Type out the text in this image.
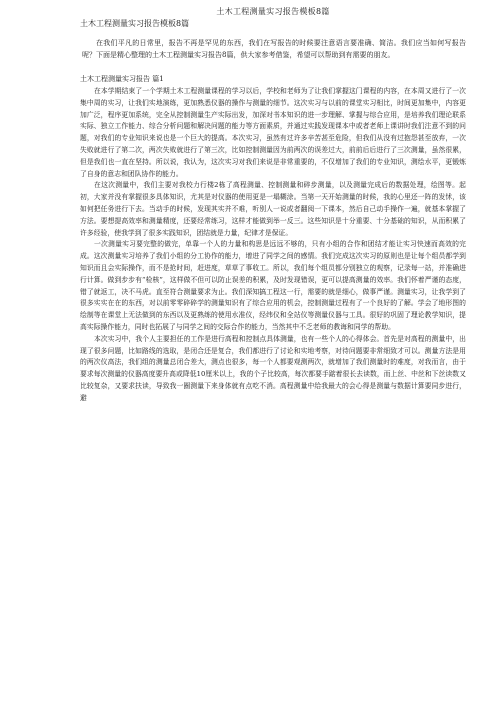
土木工程测量实习报告模板8篇
土木工程测量实习报告模板8篇

在我们平凡的日常里，报告不再是罕见的东西，我们在写报告的时候要注意语言要准确、简洁。我们应当如何写报告呢？下面是精心整理的土木工程测量实习报告8篇，供大家参考借鉴，希望可以帮助到有需要的朋友。

土木工程测量实习报告 篇1

在本学期结束了一个学期土木工程测量课程的学习以后，学校和老师为了让我们掌握这门课程的内容，在本周又进行了一次集中周的实习，让我们实地演练，更加熟悉仪器的操作与测量的细节。这次实习与以前的课堂实习相比，时间更加集中，内容更加广泛，程序更加系统，完全从控制测量生产实际出发，加深对书本知识的进一步理解、掌握与综合应用，是培养我们理论联系实际、独立工作能力、综合分析问题和解决问题的能力等方面素质，并通过实践发现课本中或者老师上课讲时我们注意不到的问题，对我们的专业知识来说也是一个巨大的提高。本次实习，虽然有过许多辛苦甚至危险，但我们从没有过抱怨甚至放弃，一次失败就进行了第二次，两次失败就进行了第三次，比如控制测量因为前两次的误差过大，前前后后进行了三次测量，虽然很累，但是我们也一直在坚持。所以说，我认为，这次实习对我们来说是非常重要的，不仅增加了我们的专业知识，测绘水平，更锻炼了自身的意志和团队协作的能力。

在这次测量中，我们主要对我校力行楼2栋了高程测量、控制测量和碎步测量，以及测量完成后的数据处理，绘图等。起初，大家并没有掌握很多具体知识，尤其是对仪器的使用更是一塌糊涂。当第一天开始测量的时候，我的心里还一阵的发怵，该如何把任务进行下去。当动手的时候，发现其实并不难，听别人一说或者翻阅一下课本，然后自己动手操作一遍，就基本掌握了方法。要想提高效率和测量精度，还要经常练习，这样才能做到举一反三。这些知识是十分重要、十分基础的知识，从而积累了许多经验，使我学到了很多实践知识，团结就是力量，纪律才是保证。

一次测量实习要完整的做完，单靠一个人的力量和构思是远远不够的，只有小组的合作和团结才能让实习快速而高效的完成。这次测量实习培养了我们小组的分工协作的能力，增进了同学之间的感情。我们完成这次实习的原则也是让每个组员都学到知识而且会实际操作，而不是抢时间，赶进度，草草了事收工。所以，我们每个组员都分别独立的观察，记录每一站，并准确进行计算。做到步步有“检核”，这样做不但可以防止误差的积累，及时发现错误，更可以提高测量的效率。我们怀着严谨的态度，错了就返工，决不马虎。直至符合测量要求为止。我们深知搞工程这一行，需要的就是细心，做事严谨。测量实习，让我学到了很多实实在在的东西，对以前零零碎碎学的测量知识有了综合应用的机会，控制测量过程有了一个良好的了解。学会了地形图的绘制等在课堂上无法做到的东西以及更熟练的使用水准仪，经纬仪和全站仪等测量仪器与工具。很好的巩固了理论教学知识，提高实际操作能力，同时也拓展了与同学之间的交际合作的能力，当然其中不乏老师的教诲和同学的帮助。

本次实习中，我个人主要担任的工作是进行高程和控制点具体测量，也有一些个人的心得体会。首先是对高程的测量中，出现了很多问题，比如路线的选取，是闭合还是复合，我们都进行了讨论和实地考察，对待问题要非常细致才可以。测量方法是用的两次仪高法，我们组的测量总闭合差大，测点也很多，每一个人都要观测两次，就增加了我们测量时的难度，对我而言，由于要求每次测量的仪器高度要升高或降低10厘米以上，我的个子比较高，每次都要手踮着很长去读数，而上丝、中丝和下丝读数又比较复杂，又要求扶读，导致我一圈测量下来身体就有点吃不消。高程测量中给我最大的会心得是测量与数据计算要同步进行，避
